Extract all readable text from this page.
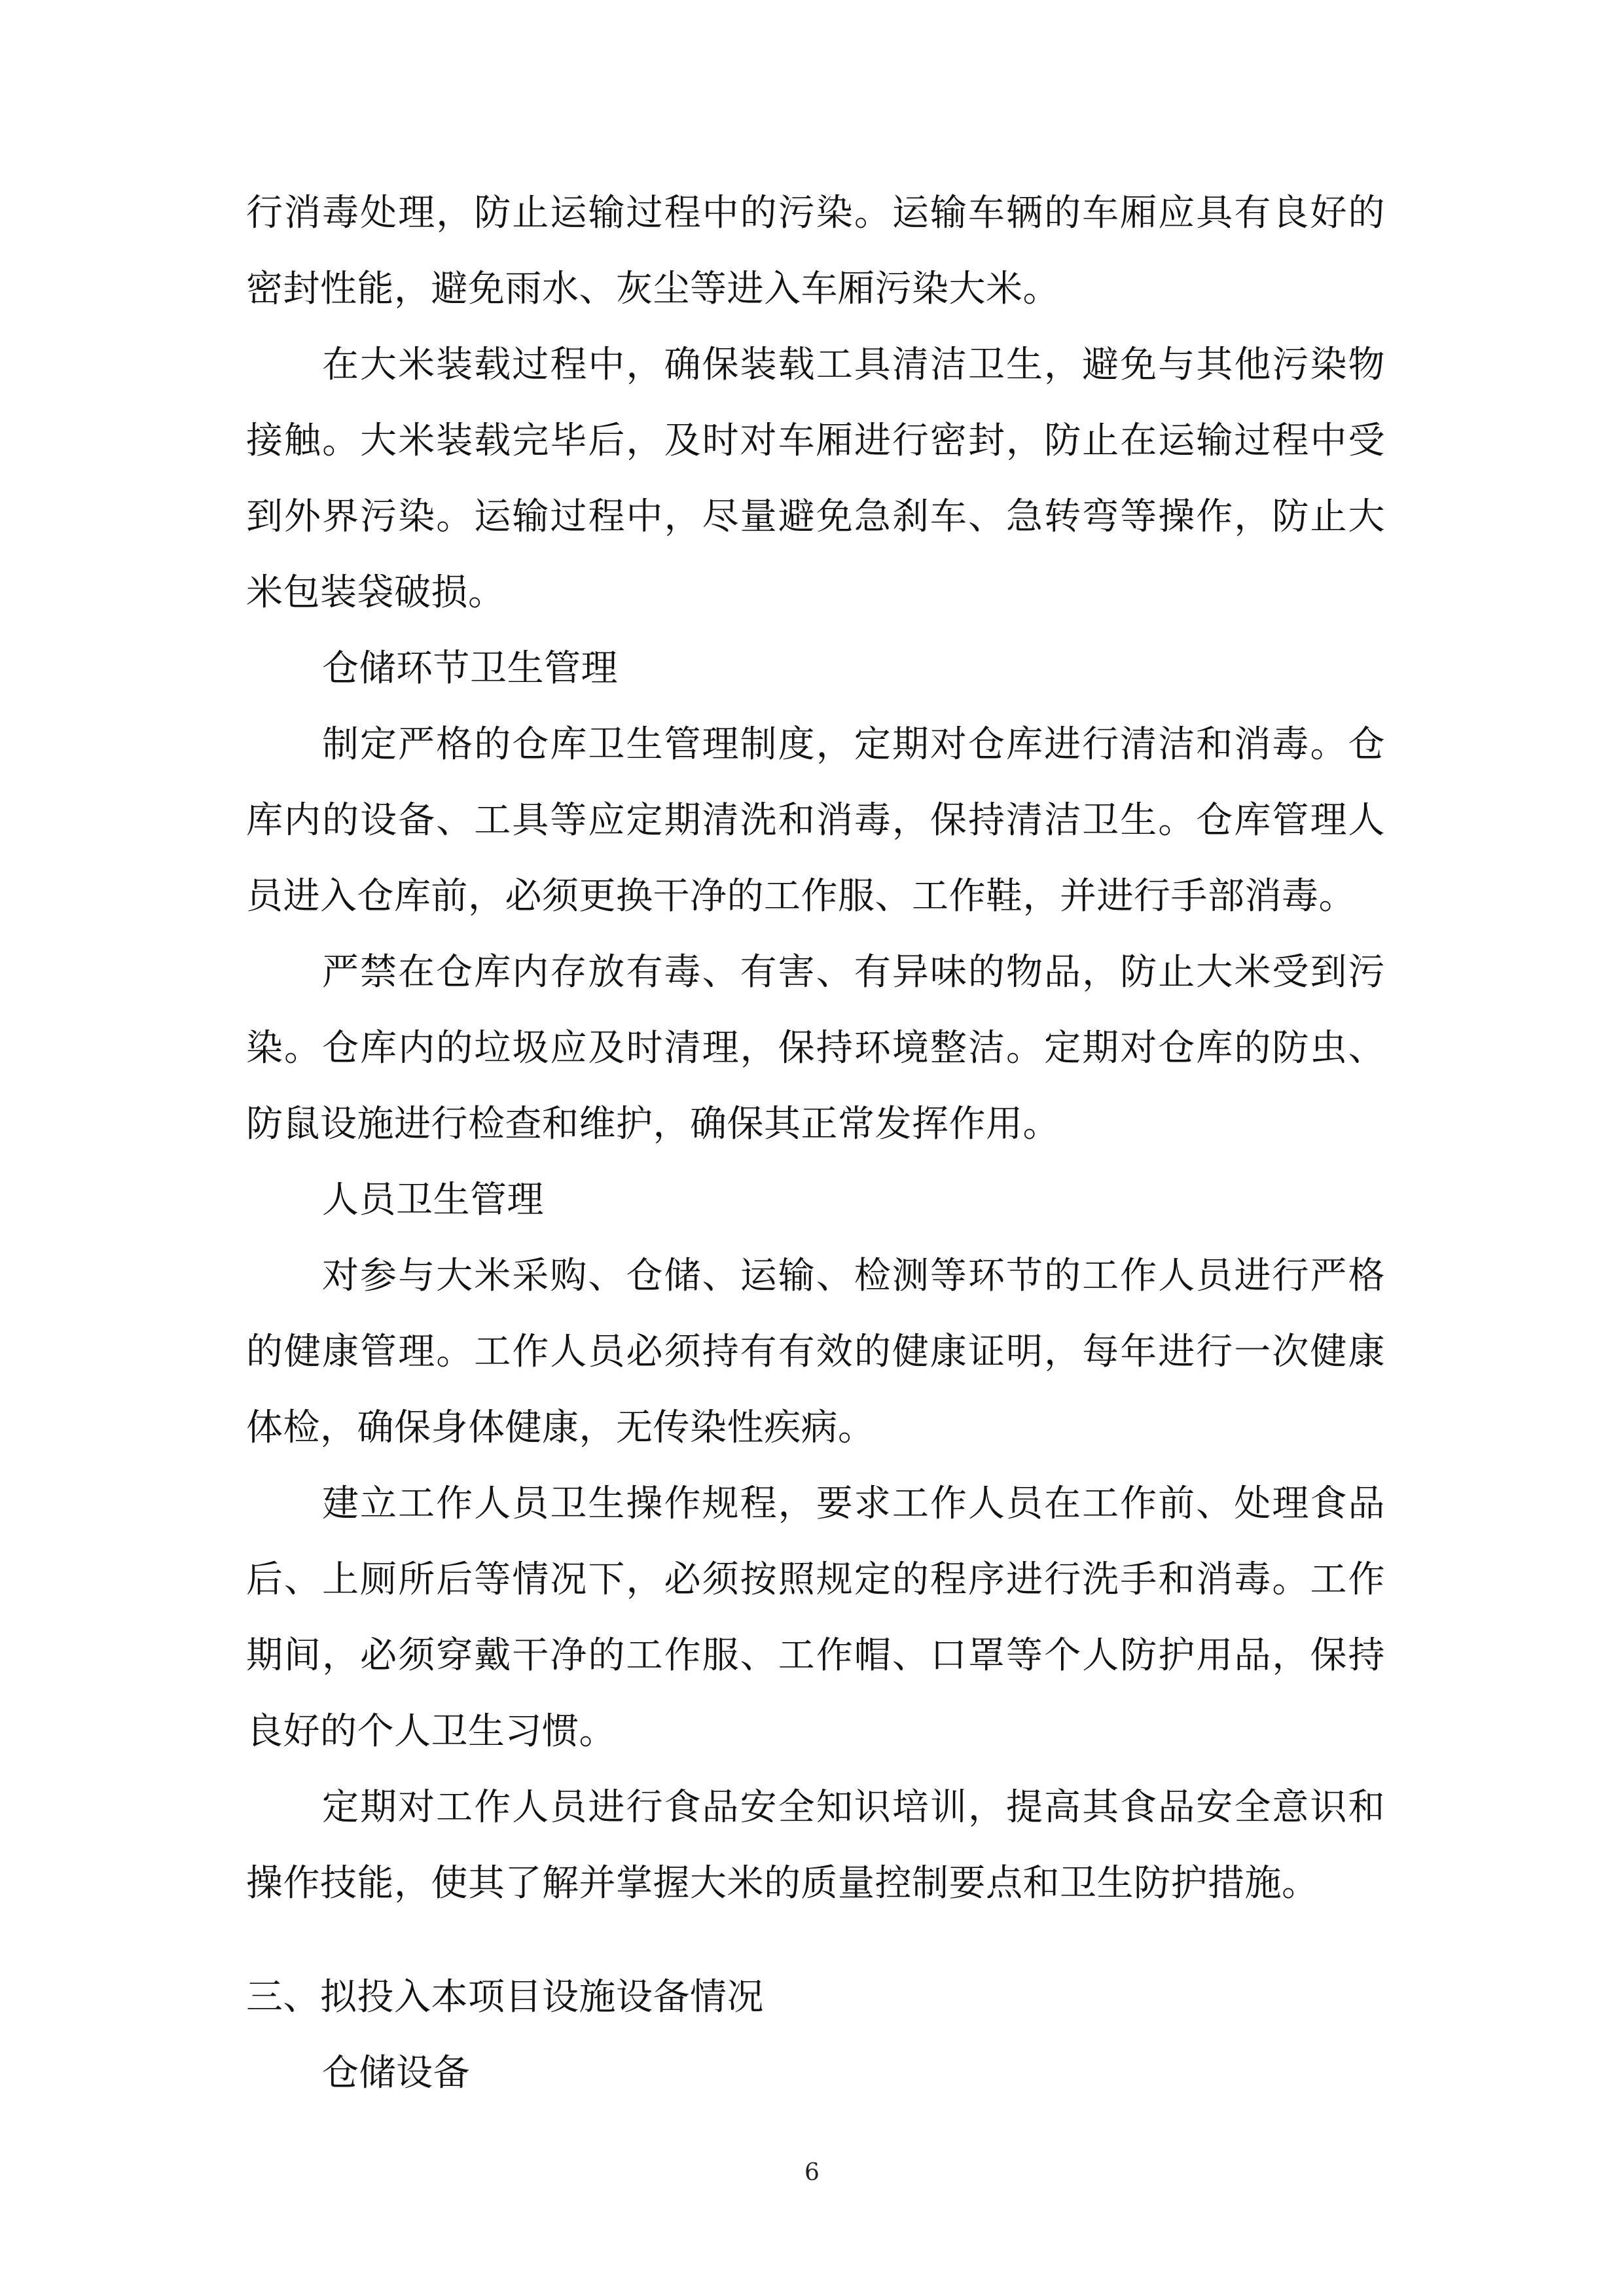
行消毒处理，防止运输过程中的污染。运输车辆的车厢应具有良好的密封性能，避免雨水、灰尘等进入车厢污染大米。

在大米装载过程中，确保装载工具清洁卫生，避免与其他污染物接触。大米装载完毕后，及时对车厢进行密封，防止在运输过程中受到外界污染。运输过程中，尽量避免急刹车、急转弯等操作，防止大米包装袋破损。

仓储环节卫生管理

制定严格的仓库卫生管理制度，定期对仓库进行清洁和消毒。仓库内的设备、工具等应定期清洗和消毒，保持清洁卫生。仓库管理人员进入仓库前，必须更换干净的工作服、工作鞋，并进行手部消毒。

严禁在仓库内存放有毒、有害、有异味的物品，防止大米受到污染。仓库内的垃圾应及时清理，保持环境整洁。定期对仓库的防虫、防鼠设施进行检查和维护，确保其正常发挥作用。

人员卫生管理

对参与大米采购、仓储、运输、检测等环节的工作人员进行严格的健康管理。工作人员必须持有有效的健康证明，每年进行一次健康体检，确保身体健康，无传染性疾病。

建立工作人员卫生操作规程，要求工作人员在工作前、处理食品后、上厕所后等情况下，必须按照规定的程序进行洗手和消毒。工作期间，必须穿戴干净的工作服、工作帽、口罩等个人防护用品，保持良好的个人卫生习惯。

定期对工作人员进行食品安全知识培训，提高其食品安全意识和操作技能，使其了解并掌握大米的质量控制要点和卫生防护措施。

三、拟投入本项目设施设备情况

仓储设备

6
